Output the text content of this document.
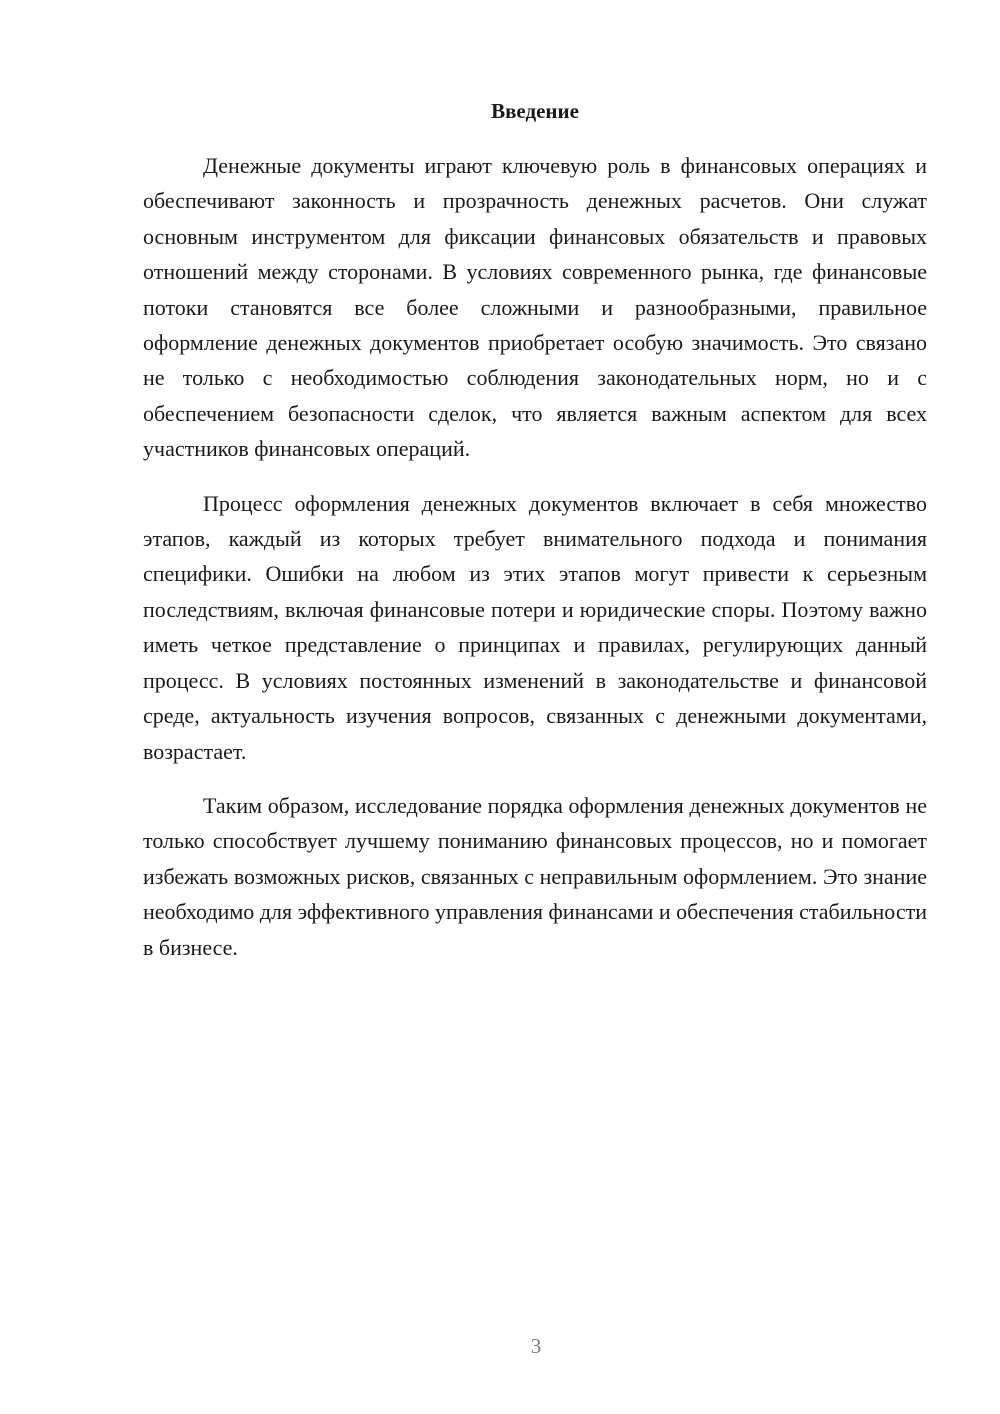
Введение

Денежные документы играют ключевую роль в финансовых операциях и обеспечивают законность и прозрачность денежных расчетов. Они служат основным инструментом для фиксации финансовых обязательств и правовых отношений между сторонами. В условиях современного рынка, где финансовые потоки становятся все более сложными и разнообразными, правильное оформление денежных документов приобретает особую значимость. Это связано не только с необходимостью соблюдения законодательных норм, но и с обеспечением безопасности сделок, что является важным аспектом для всех участников финансовых операций.

Процесс оформления денежных документов включает в себя множество этапов, каждый из которых требует внимательного подхода и понимания специфики. Ошибки на любом из этих этапов могут привести к серьезным последствиям, включая финансовые потери и юридические споры. Поэтому важно иметь четкое представление о принципах и правилах, регулирующих данный процесс. В условиях постоянных изменений в законодательстве и финансовой среде, актуальность изучения вопросов, связанных с денежными документами, возрастает.

Таким образом, исследование порядка оформления денежных документов не только способствует лучшему пониманию финансовых процессов, но и помогает избежать возможных рисков, связанных с неправильным оформлением. Это знание необходимо для эффективного управления финансами и обеспечения стабильности в бизнесе.

3
